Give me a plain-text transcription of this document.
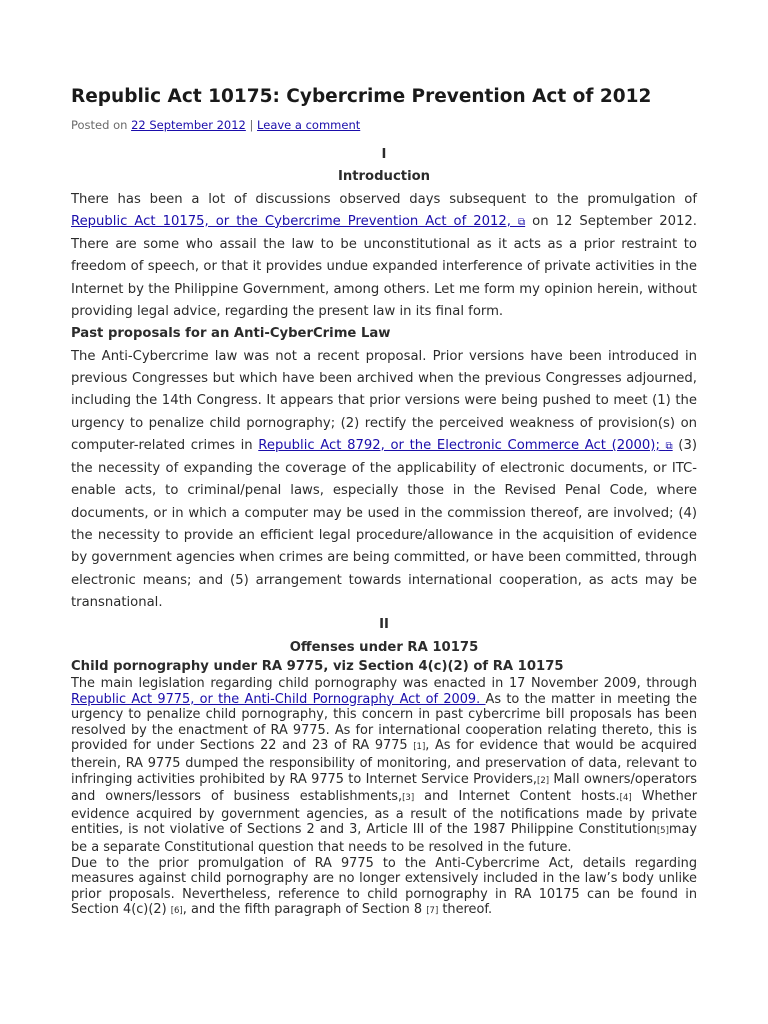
Republic Act 10175: Cybercrime Prevention Act of 2012
Posted on 22 September 2012 | Leave a comment
I
Introduction

There has been a lot of discussions observed days subsequent to the promulgation of Republic Act 10175, or the Cybercrime Prevention Act of 2012, ⧉ on 12 September 2012. There are some who assail the law to be unconstitutional as it acts as a prior restraint to freedom of speech, or that it provides undue expanded interference of private activities in the Internet by the Philippine Government, among others. Let me form my opinion herein, without providing legal advice, regarding the present law in its final form.

Past proposals for an Anti-CyberCrime Law

The Anti-Cybercrime law was not a recent proposal. Prior versions have been introduced in previous Congresses but which have been archived when the previous Congresses adjourned, including the 14th Congress. It appears that prior versions were being pushed to meet (1) the urgency to penalize child pornography; (2) rectify the perceived weakness of provision(s) on computer-related crimes in Republic Act 8792, or the Electronic Commerce Act (2000); ⧉ (3) the necessity of expanding the coverage of the applicability of electronic documents, or ITC-enable acts, to criminal/penal laws, especially those in the Revised Penal Code, where documents, or in which a computer may be used in the commission thereof, are involved; (4) the necessity to provide an efficient legal procedure/allowance in the acquisition of evidence by government agencies when crimes are being committed, or have been committed, through electronic means; and (5) arrangement towards international cooperation, as acts may be transnational.

II
Offenses under RA 10175
Child pornography under RA 9775, viz Section 4(c)(2) of RA 10175

The main legislation regarding child pornography was enacted in 17 November 2009, through Republic Act 9775, or the Anti-Child Pornography Act of 2009. As to the matter in meeting the urgency to penalize child pornography, this concern in past cybercrime bill proposals has been resolved by the enactment of RA 9775. As for international cooperation relating thereto, this is provided for under Sections 22 and 23 of RA 9775 [1], As for evidence that would be acquired therein, RA 9775 dumped the responsibility of monitoring, and preservation of data, relevant to infringing activities prohibited by RA 9775 to Internet Service Providers,[2] Mall owners/operators and owners/lessors of business establishments,[3] and Internet Content hosts.[4] Whether evidence acquired by government agencies, as a result of the notifications made by private entities, is not violative of Sections 2 and 3, Article III of the 1987 Philippine Constitution[5]may be a separate Constitutional question that needs to be resolved in the future.

Due to the prior promulgation of RA 9775 to the Anti-Cybercrime Act, details regarding measures against child pornography are no longer extensively included in the law’s body unlike prior proposals. Nevertheless, reference to child pornography in RA 10175 can be found in Section 4(c)(2) [6], and the fifth paragraph of Section 8 [7] thereof.
